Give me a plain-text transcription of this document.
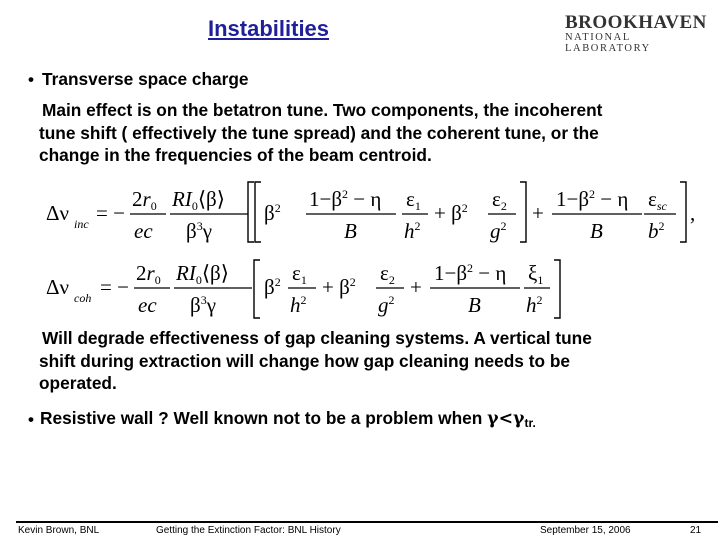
Instabilities	BROOKHAVEN
NATIONAL LABORATORY
• Transverse space charge
Main effect is on the betatron tune. Two components, the incoherent
tune shift ( effectively the tune spread) and the coherent tune, or the
change in the frequencies of the beam centroid.
Δν inc = −
2r0
ec
RI0⟨β⟩
$\beta^3\gamma$
$\beta^2$ $1-\beta^2 - \eta$
B
ε1
$h^2$
+ $\beta^2$ ε2
$g^2$
+
$1-\beta^2 - \eta$
B
εsc
$b^2$
,
Δν coh = −
2r0
ec
RI0⟨β⟩
$\beta^3\gamma$
$\beta^2$ ε1
$h^2$
+ $\beta^2$ ε2
$g^2$
+
$1-\beta^2 - \eta$
B
ξ1
$h^2$
Will degrade effectiveness of gap cleaning systems. A vertical tune
shift during extraction will change how gap cleaning needs to be
operated.
• Resistive wall ? Well known not to be a problem when $\gamma<\gamma_{tr.}$
Kevin Brown, BNL	Getting the Extinction Factor: BNL History	September 15, 2006	21
